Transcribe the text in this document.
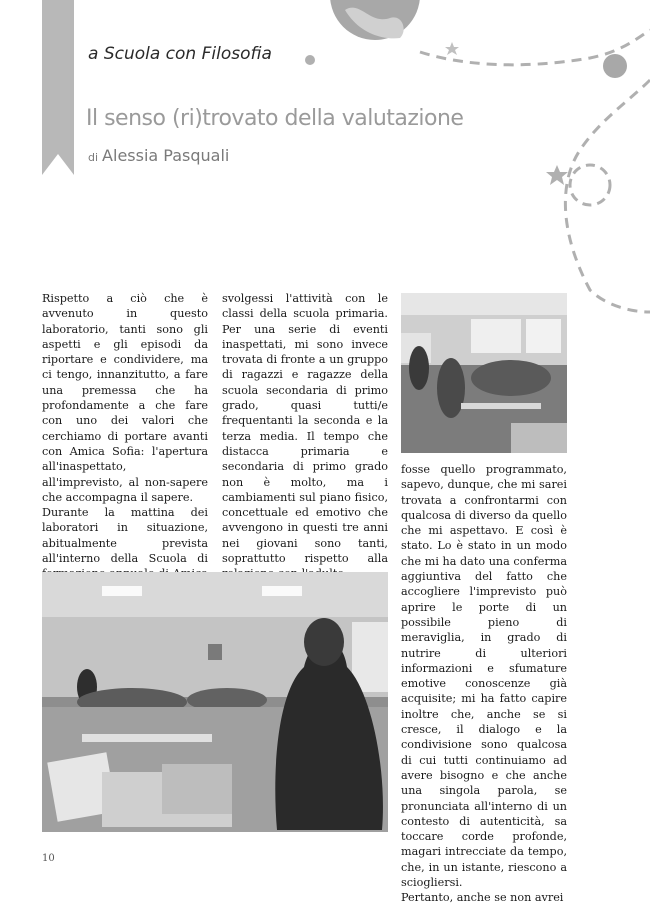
a Scuola con Filosofia
Il senso (ri)trovato della valutazione
di Alessia Pasquali

Rispetto a ciò che è avvenuto in questo laboratorio, tanti sono gli aspetti e gli episodi da riportare e condividere, ma ci tengo, innanzitutto, a fare una premessa che ha profondamente a che fare con uno dei valori che cerchiamo di portare avanti con Amica Sofia: l'apertura all'inaspettato, all'imprevisto, al non-sapere che accompagna il sapere.

Durante la mattina dei laboratori in situazione, abitualmente prevista all'interno della Scuola di

svolgessi l'attività con le classi della scuola primaria. Per una serie di eventi inaspettati, mi sono invece trovata di fronte a un gruppo di ragazzi e ragazze della scuola secondaria di primo grado, quasi tutti/e frequentanti la seconda e la terza media. Il tempo che distacca primaria e secondaria di primo grado non è molto, ma i cambiamenti sul piano fisico, concettuale ed emotivo che avvengono in questi tre anni nei giovani sono tanti, soprattutto rispetto alla

fosse quello programmato, sapevo, dunque, che mi sarei trovata a confrontarmi con qualcosa di diverso da quello che mi aspettavo. E così è stato. Lo è stato in un modo che mi ha dato una conferma aggiuntiva del fatto che accogliere l'imprevisto può aprire le porte di un possibile pieno di meraviglia, in grado di nutrire di ulteriori informazioni e sfumature emotive conoscenze già acquisite; mi ha fatto capire inoltre che, anche se si cresce, il dialogo e la condivisione sono qualcosa di cui tutti continuiamo ad avere bisogno e che anche una singola parola, se pronunciata all'interno di un contesto di autenticità, sa toccare corde profonde, magari intrecciate da tempo, che, in un istante, riescono a sciogliersi.

Pertanto, anche se non avrei

10
